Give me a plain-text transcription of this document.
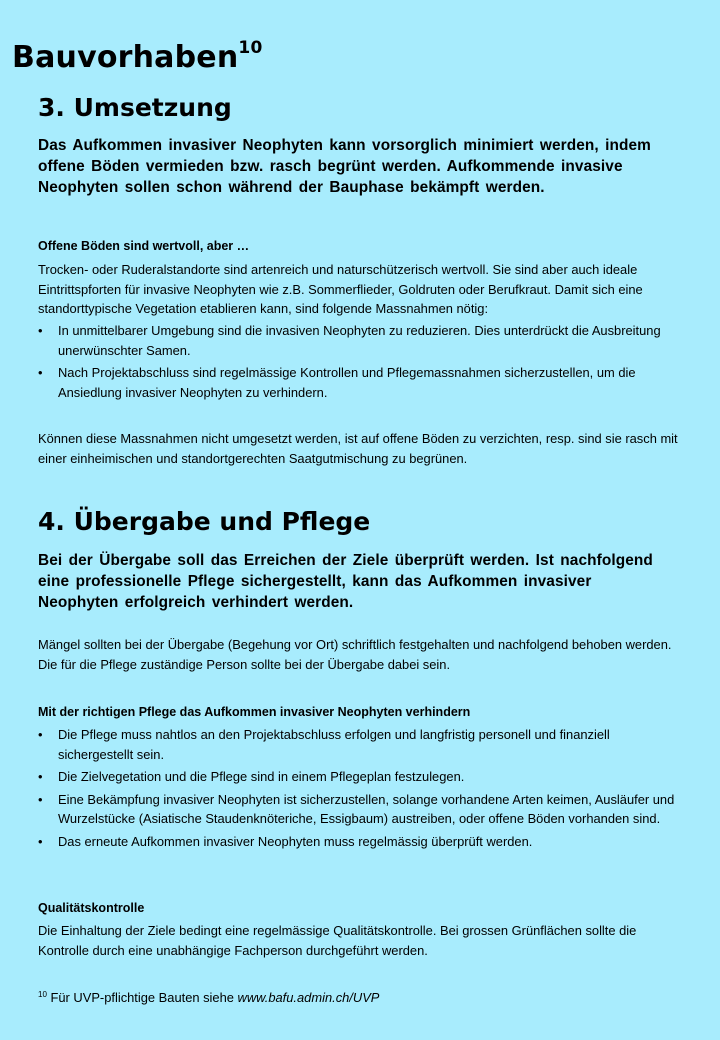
Bauvorhaben$^{10}$
3. Umsetzung

Das Aufkommen invasiver Neophyten kann vorsorglich minimiert werden, indem offene Böden vermieden bzw. rasch begrünt werden. Aufkommende invasive Neophyten sollen schon während der Bauphase bekämpft werden.

Offene Böden sind wertvoll, aber …

Trocken- oder Ruderalstandorte sind artenreich und naturschützerisch wertvoll. Sie sind aber auch ideale Eintrittspforten für invasive Neophyten wie z.B. Sommerflieder, Goldruten oder Berufkraut. Damit sich eine standorttypische Vegetation etablieren kann, sind folgende Massnahmen nötig:

• In unmittelbarer Umgebung sind die invasiven Neophyten zu reduzieren. Dies unterdrückt die Ausbreitung unerwünschter Samen.
• Nach Projektabschluss sind regelmässige Kontrollen und Pflegemassnahmen sicherzustellen, um die Ansiedlung invasiver Neophyten zu verhindern.

Können diese Massnahmen nicht umgesetzt werden, ist auf offene Böden zu verzichten, resp. sind sie rasch mit einer einheimischen und standortgerechten Saatgutmischung zu begrünen.

4. Übergabe und Pflege

Bei der Übergabe soll das Erreichen der Ziele überprüft werden. Ist nachfolgend eine professionelle Pflege sichergestellt, kann das Aufkommen invasiver Neophyten erfolgreich verhindert werden.

Mängel sollten bei der Übergabe (Begehung vor Ort) schriftlich festgehalten und nachfolgend behoben werden. Die für die Pflege zuständige Person sollte bei der Übergabe dabei sein.

Mit der richtigen Pflege das Aufkommen invasiver Neophyten verhindern

• Die Pflege muss nahtlos an den Projektabschluss erfolgen und langfristig personell und finanziell sichergestellt sein.
• Die Zielvegetation und die Pflege sind in einem Pflegeplan festzulegen.
• Eine Bekämpfung invasiver Neophyten ist sicherzustellen, solange vorhandene Arten keimen, Ausläufer und Wurzelstücke (Asiatische Staudenknöteriche, Essigbaum) austreiben, oder offene Böden vorhanden sind.
• Das erneute Aufkommen invasiver Neophyten muss regelmässig überprüft werden.

Qualitätskontrolle

Die Einhaltung der Ziele bedingt eine regelmässige Qualitätskontrolle. Bei grossen Grünflächen sollte die Kontrolle durch eine unabhängige Fachperson durchgeführt werden.

$^{10}$ Für UVP-pflichtige Bauten siehe www.bafu.admin.ch/UVP
